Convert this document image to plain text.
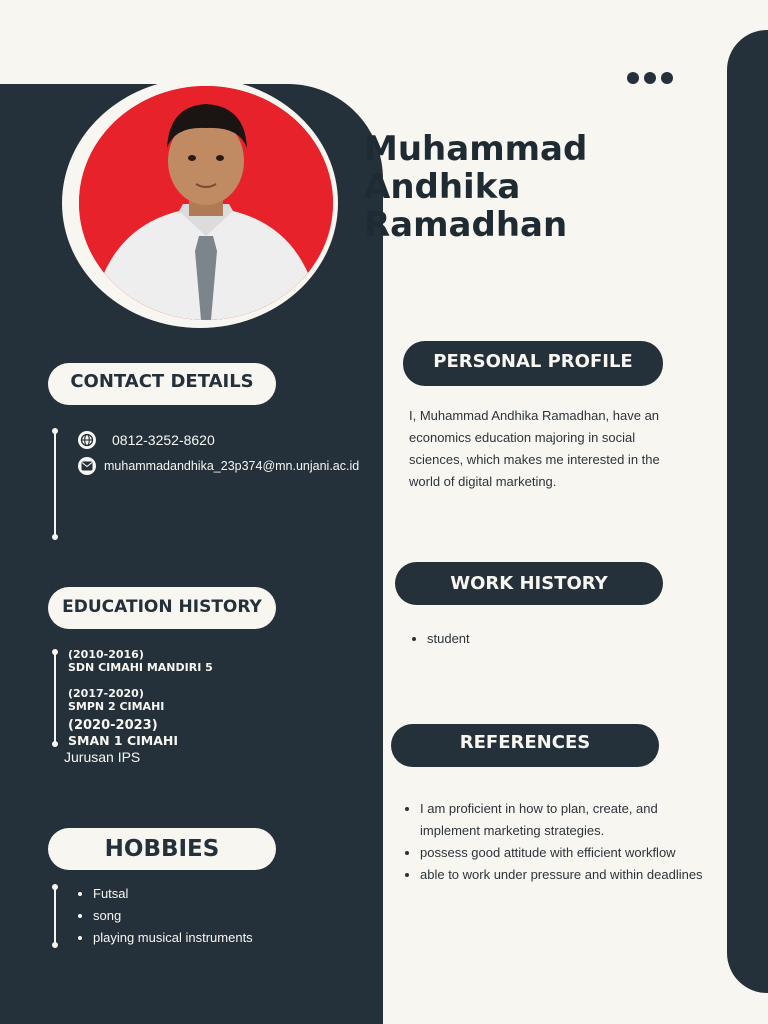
Muhammad
Andhika
Ramadhan
CONTACT DETAILS
0812-3252-8620
muhammadandhika_23p374@mn.unjani.ac.id
EDUCATION HISTORY
(2010-2016)
SDN CIMAHI MANDIRI 5
(2017-2020)
SMPN 2 CIMAHI
(2020-2023)
SMAN 1 CIMAHI
Jurusan IPS
HOBBIES
• Futsal
• song
• playing musical instruments
PERSONAL PROFILE

I, Muhammad Andhika Ramadhan, have an economics education majoring in social sciences, which makes me interested in the world of digital marketing.

WORK HISTORY
• student
REFERENCES
• I am proficient in how to plan, create, and implement marketing strategies.
• possess good attitude with efficient workflow
• able to work under pressure and within deadlines
